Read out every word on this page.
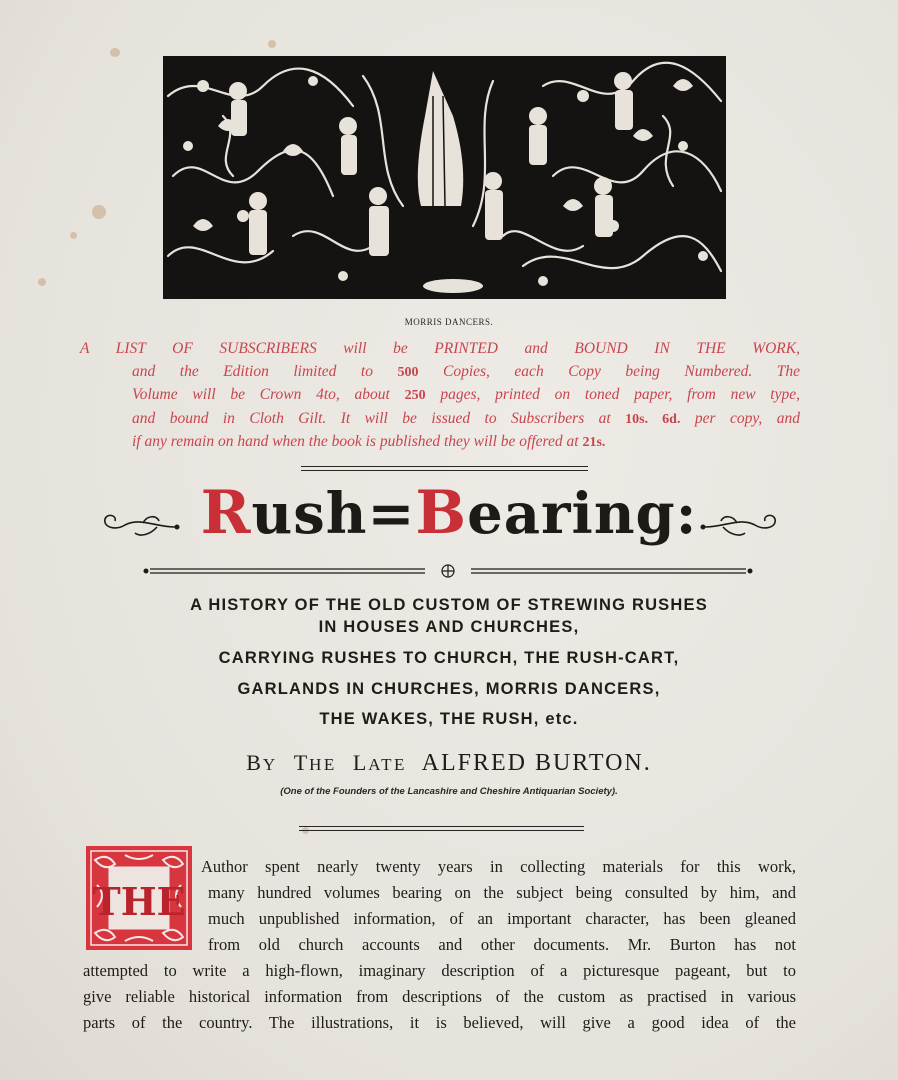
MORRIS DANCERS.
A LIST OF SUBSCRIBERS will be PRINTED and BOUND IN THE WORK,
and the Edition limited to 500 Copies, each Copy being Numbered. The
Volume will be Crown 4to, about 250 pages, printed on toned paper, from new type,
and bound in Cloth Gilt. It will be issued to Subscribers at 10s. 6d. per copy, and
if any remain on hand when the book is published they will be offered at 21s.
Rush=Bearing:
A HISTORY OF THE OLD CUSTOM OF STREWING RUSHES
IN HOUSES AND CHURCHES,
CARRYING RUSHES TO CHURCH, THE RUSH-CART,
GARLANDS IN CHURCHES, MORRIS DANCERS,
THE WAKES, THE RUSH, etc.
BY THE LATE ALFRED BURTON.
(One of the Founders of the Lancashire and Cheshire Antiquarian Society).
THE
Author spent nearly twenty years in collecting materials for this work,
many hundred volumes bearing on the subject being consulted by him, and
much unpublished information, of an important character, has been gleaned
from old church accounts and other documents. Mr. Burton has not
attempted to write a high-flown, imaginary description of a picturesque pageant, but to
give reliable historical information from descriptions of the custom as practised in various
parts of the country. The illustrations, it is believed, will give a good idea of the
